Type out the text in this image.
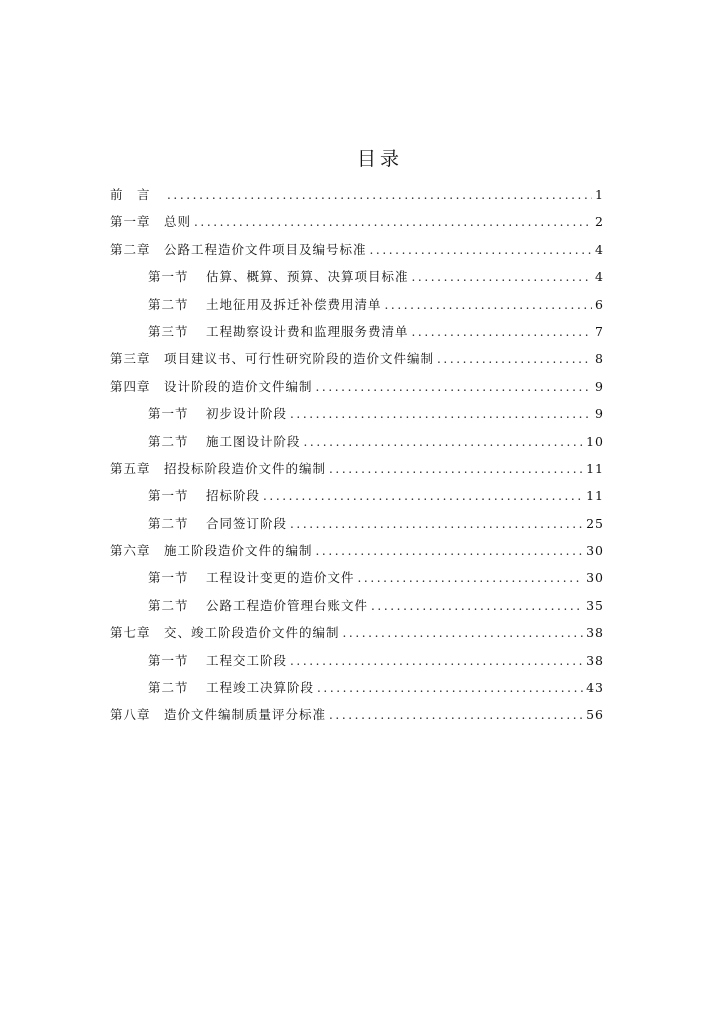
目录
前　言 .....	1
第一章	总则 .....	2
第二章	公路工程造价文件项目及编号标准 .....	4
第一节	估算、概算、预算、决算项目标准 .....	4
第二节	土地征用及拆迁补偿费用清单 .....	6
第三节	工程勘察设计费和监理服务费清单 .....	7
第三章	项目建议书、可行性研究阶段的造价文件编制 .....	8
第四章	设计阶段的造价文件编制 .....	9
第一节	初步设计阶段 .....	9
第二节	施工图设计阶段 .....	10
第五章	招投标阶段造价文件的编制 .....	11
第一节	招标阶段 .....	11
第二节	合同签订阶段 .....	25
第六章	施工阶段造价文件的编制 .....	30
第一节	工程设计变更的造价文件 .....	30
第二节	公路工程造价管理台账文件 .....	35
第七章	交、竣工阶段造价文件的编制 .....	38
第一节	工程交工阶段 .....	38
第二节	工程竣工决算阶段 .....	43
第八章	造价文件编制质量评分标准 .....	56
